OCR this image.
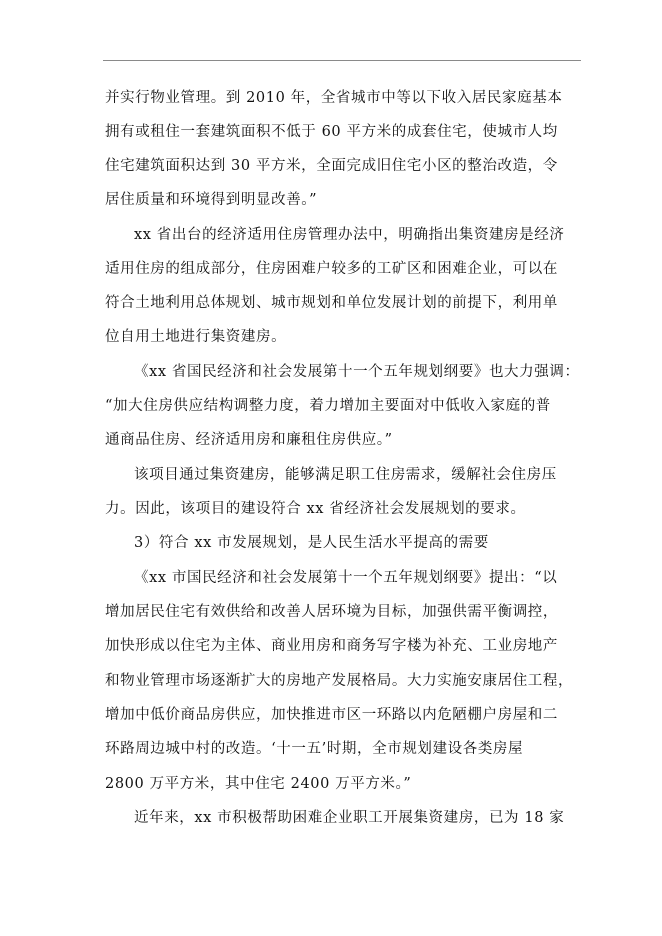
并实行物业管理。到 2010 年，全省城市中等以下收入居民家庭基本
拥有或租住一套建筑面积不低于 60 平方米的成套住宅，使城市人均
住宅建筑面积达到 30 平方米，全面完成旧住宅小区的整治改造，令
居住质量和环境得到明显改善。”
xx 省出台的经济适用住房管理办法中，明确指出集资建房是经济
适用住房的组成部分，住房困难户较多的工矿区和困难企业，可以在
符合土地利用总体规划、城市规划和单位发展计划的前提下，利用单
位自用土地进行集资建房。
《xx 省国民经济和社会发展第十一个五年规划纲要》也大力强调：
“加大住房供应结构调整力度，着力增加主要面对中低收入家庭的普
通商品住房、经济适用房和廉租住房供应。”
该项目通过集资建房，能够满足职工住房需求，缓解社会住房压
力。因此，该项目的建设符合 xx 省经济社会发展规划的要求。
3）符合 xx 市发展规划，是人民生活水平提高的需要
《xx 市国民经济和社会发展第十一个五年规划纲要》提出：“以
增加居民住宅有效供给和改善人居环境为目标，加强供需平衡调控，
加快形成以住宅为主体、商业用房和商务写字楼为补充、工业房地产
和物业管理市场逐渐扩大的房地产发展格局。大力实施安康居住工程，
增加中低价商品房供应，加快推进市区一环路以内危陋棚户房屋和二
环路周边城中村的改造。‘十一五’时期，全市规划建设各类房屋
2800 万平方米，其中住宅 2400 万平方米。”
近年来，xx 市积极帮助困难企业职工开展集资建房，已为 18 家
